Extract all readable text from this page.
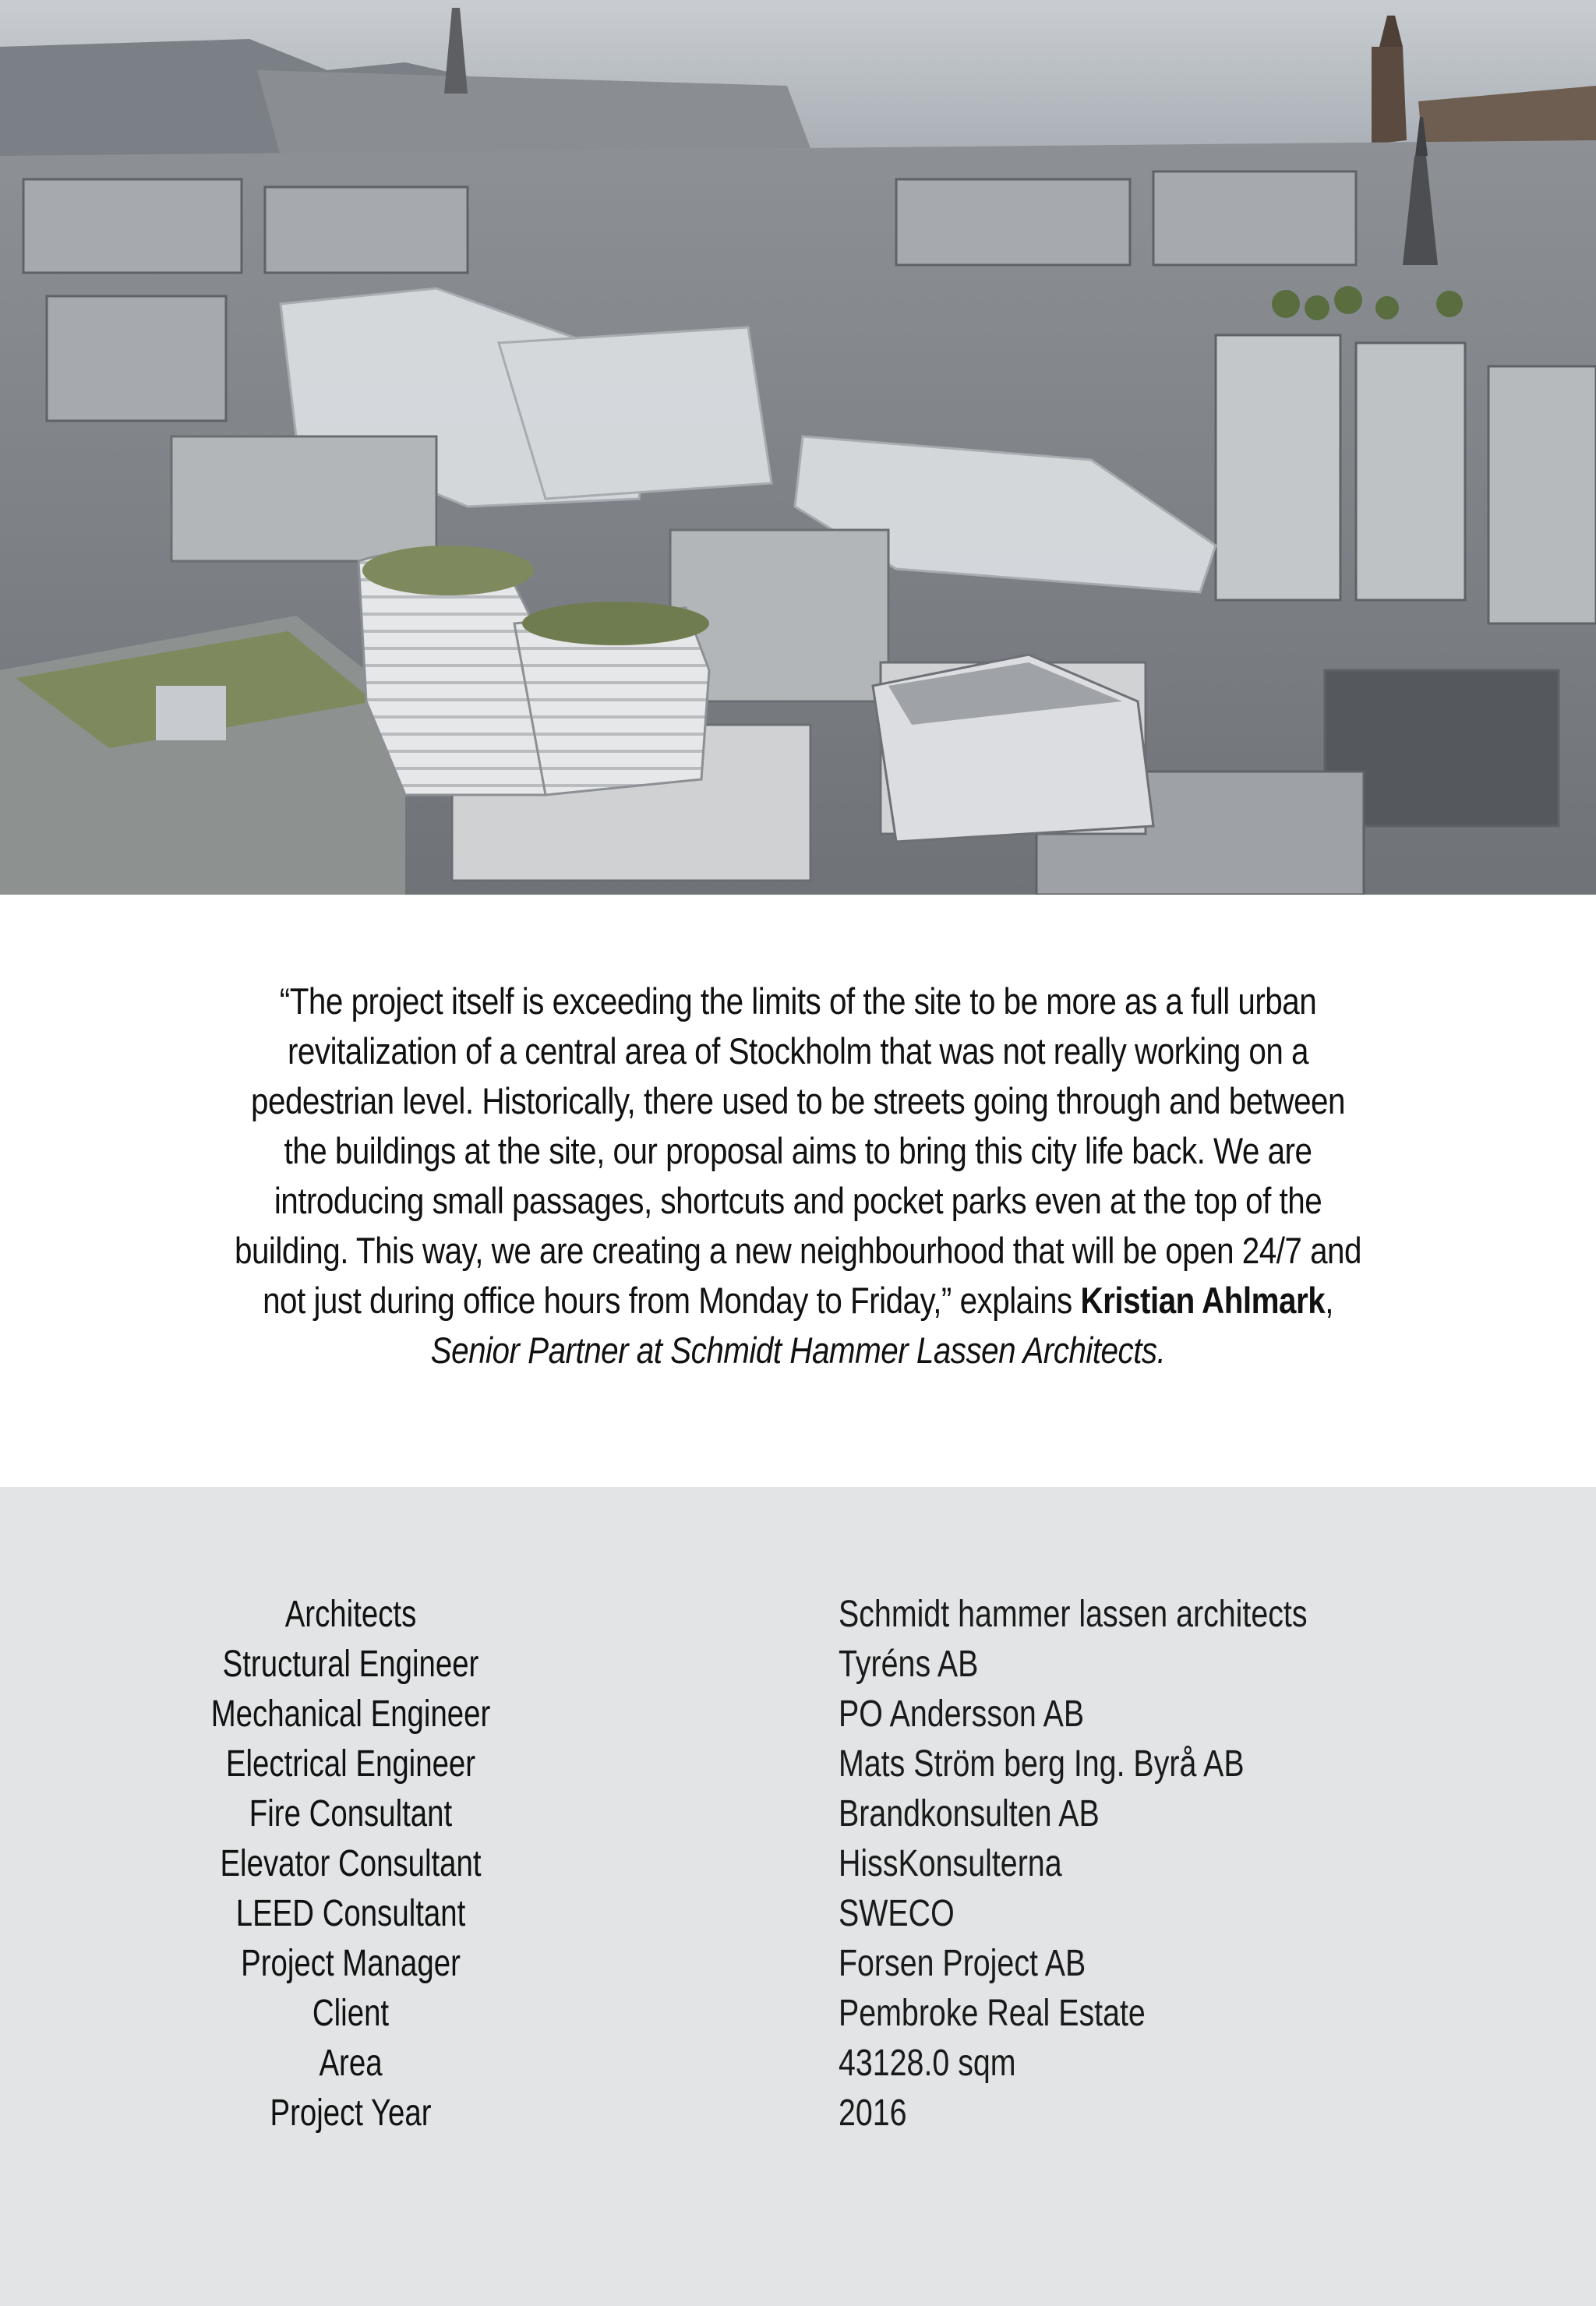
“The project itself is exceeding the limits of the site to be more as a full urban revitalization of a central area of Stockholm that was not really working on a pedestrian level. Historically, there used to be streets going through and between the buildings at the site, our proposal aims to bring this city life back. We are introducing small passages, shortcuts and pocket parks even at the top of the building. This way, we are creating a new neighbourhood that will be open 24/7 and not just during office hours from Monday to Friday,” explains Kristian Ahlmark, Senior Partner at Schmidt Hammer Lassen Architects.

Architects	Schmidt hammer lassen architects
Structural Engineer	Tyréns AB
Mechanical Engineer	PO Andersson AB
Electrical Engineer	Mats Ström berg Ing. Byrå AB
Fire Consultant	Brandkonsulten AB
Elevator Consultant	HissKonsulterna
LEED Consultant	SWECO
Project Manager	Forsen Project AB
Client	Pembroke Real Estate
Area	43128.0 sqm
Project Year	2016
